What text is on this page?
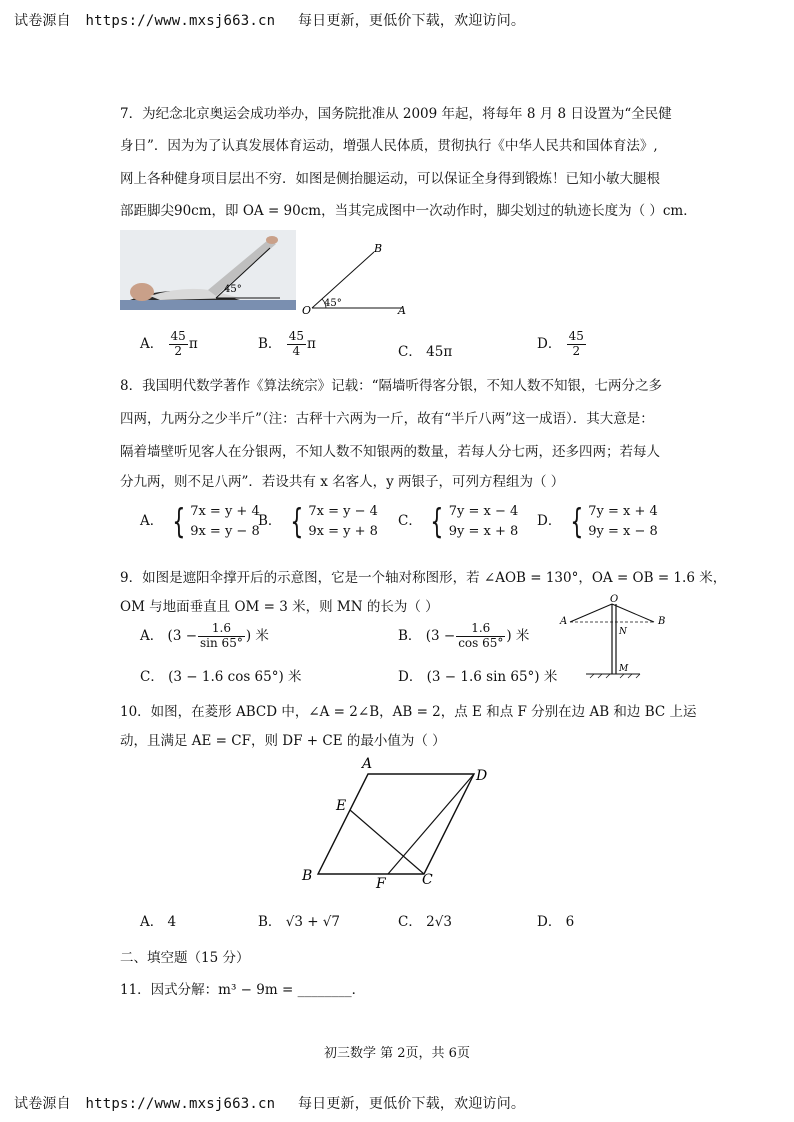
试卷源自 https://www.mxsj663.cn 每日更新，更低价下载，欢迎访问。
7．为纪念北京奥运会成功举办，国务院批准从 2009 年起，将每年 8 月 8 日设置为“全民健
身日”．因为为了认真发展体育运动，增强人民体质，贯彻执行《中华人民共和国体育法》,
网上各种健身项目层出不穷．如图是侧抬腿运动，可以保证全身得到锻炼！已知小敏大腿根
部距脚尖90cm，即 OA = 90cm，当其完成图中一次动作时，脚尖划过的轨迹长度为（ ）cm．
45°
O	A
B
45°
A． $\frac{45}{2}$ π	B． $\frac{45}{4}$ π
C． 45π
D． $\frac{45}{2}$
8．我国明代数学著作《算法统宗》记载：“隔墙听得客分银，不知人数不知银，七两分之多
四两，九两分之少半斤”（注：古秤十六两为一斤，故有“半斤八两”这一成语）．其大意是：
隔着墙壁听见客人在分银两，不知人数不知银两的数量，若每人分七两，还多四两；若每人
分九两，则不足八两”．若设共有 x 名客人，y 两银子，可列方程组为（ ）
A． { 7x = y + 4
9x = y − 8
B． { 7x = y − 4
9x = y + 8
C． { 7y = x − 4
9y = x + 8
D． { 7y = x + 4
9y = x − 8
9．如图是遮阳伞撑开后的示意图，它是一个轴对称图形，若 ∠AOB = 130°，OA = OB = 1.6 米，
OM 与地面垂直且 OM = 3 米，则 MN 的长为（ ）
A． ($3 - \frac{1.6}{\sin 65^\circ}$ ) 米	B． ($3 - \frac{1.6}{\cos 65^\circ}$ ) 米
C． (3 − 1.6 cos 65°) 米	D． (3 − 1.6 sin 65°) 米
O
A	B
N
M
10．如图，在菱形 ABCD 中，∠A = 2∠B，AB = 2，点 E 和点 F 分别在边 AB 和边 BC 上运
动，且满足 AE = CF，则 DF + CE 的最小值为（ ）
A
D
E
B	C
F
A． 4	B． √3 + √7	C． 2√3	D． 6
二、填空题（15 分）
11．因式分解：m³ − 9m = ________．
初三数学 第 2页，共 6页
试卷源自 https://www.mxsj663.cn 每日更新，更低价下载，欢迎访问。
